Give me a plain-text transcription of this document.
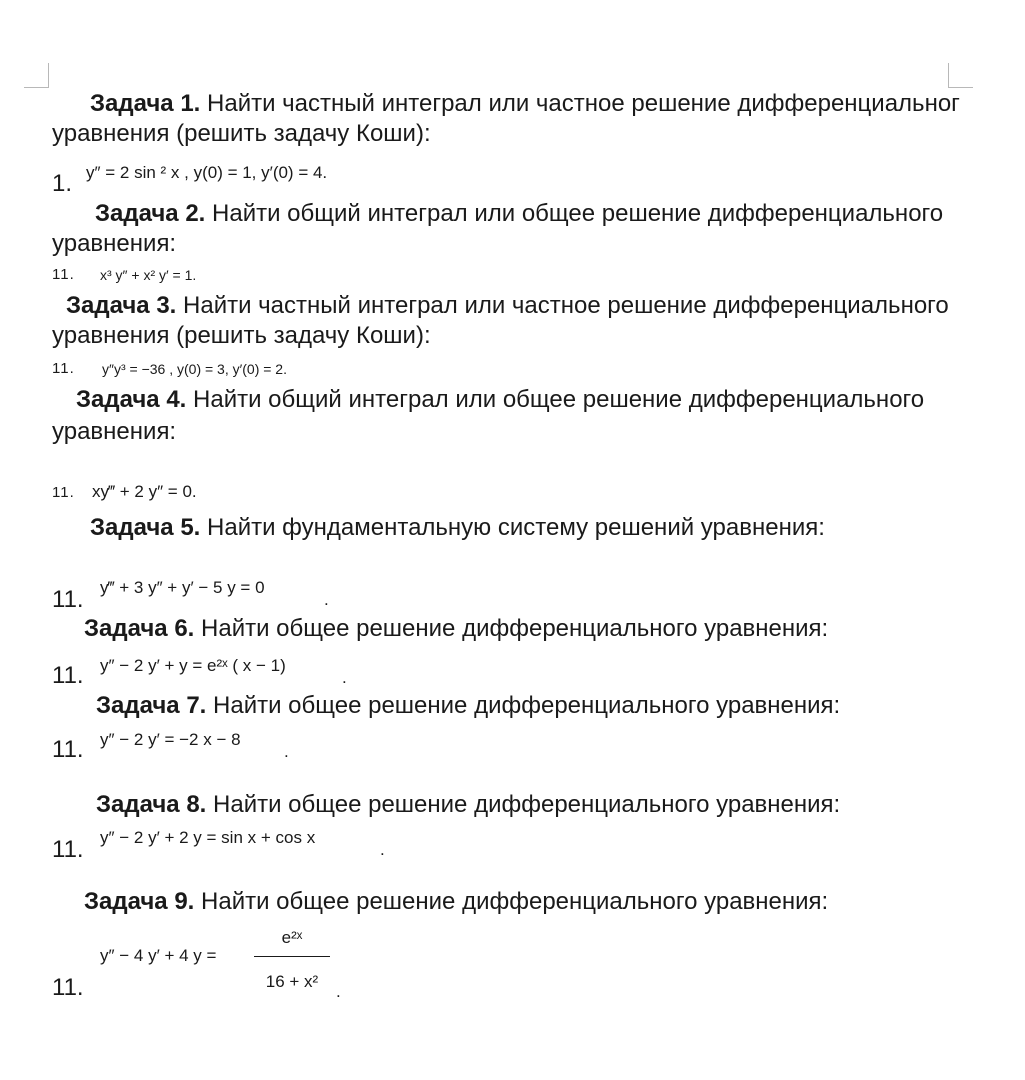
Задача 1. Найти частный интеграл или частное решение дифференциальног
уравнения (решить задачу Коши):
1. y″ = 2 sin ² x , y(0) = 1, y′(0) = 4.
Задача 2. Найти общий интеграл или общее решение дифференциального
уравнения:
11. x³ y″ + x² y′ = 1.
Задача 3. Найти частный интеграл или частное решение дифференциального
уравнения (решить задачу Коши):
11. y″y³ = −36 , y(0) = 3, y′(0) = 2.
Задача 4. Найти общий интеграл или общее решение дифференциального
уравнения:
11. xy‴ + 2 y″ = 0.
Задача 5. Найти фундаментальную систему решений уравнения:
11. y‴ + 3 y″ + y′ − 5 y = 0
.
Задача 6. Найти общее решение дифференциального уравнения:
11. y″ − 2 y′ + y = e²ˣ ( x − 1)
.
Задача 7. Найти общее решение дифференциального уравнения:
11. y″ − 2 y′ = −2 x − 8
.
Задача 8. Найти общее решение дифференциального уравнения:
11. y″ − 2 y′ + 2 y = sin x + cos x
.
Задача 9. Найти общее решение дифференциального уравнения:
11.
y″ − 4 y′ + 4 y =
e²ˣ
16 + x²
.
